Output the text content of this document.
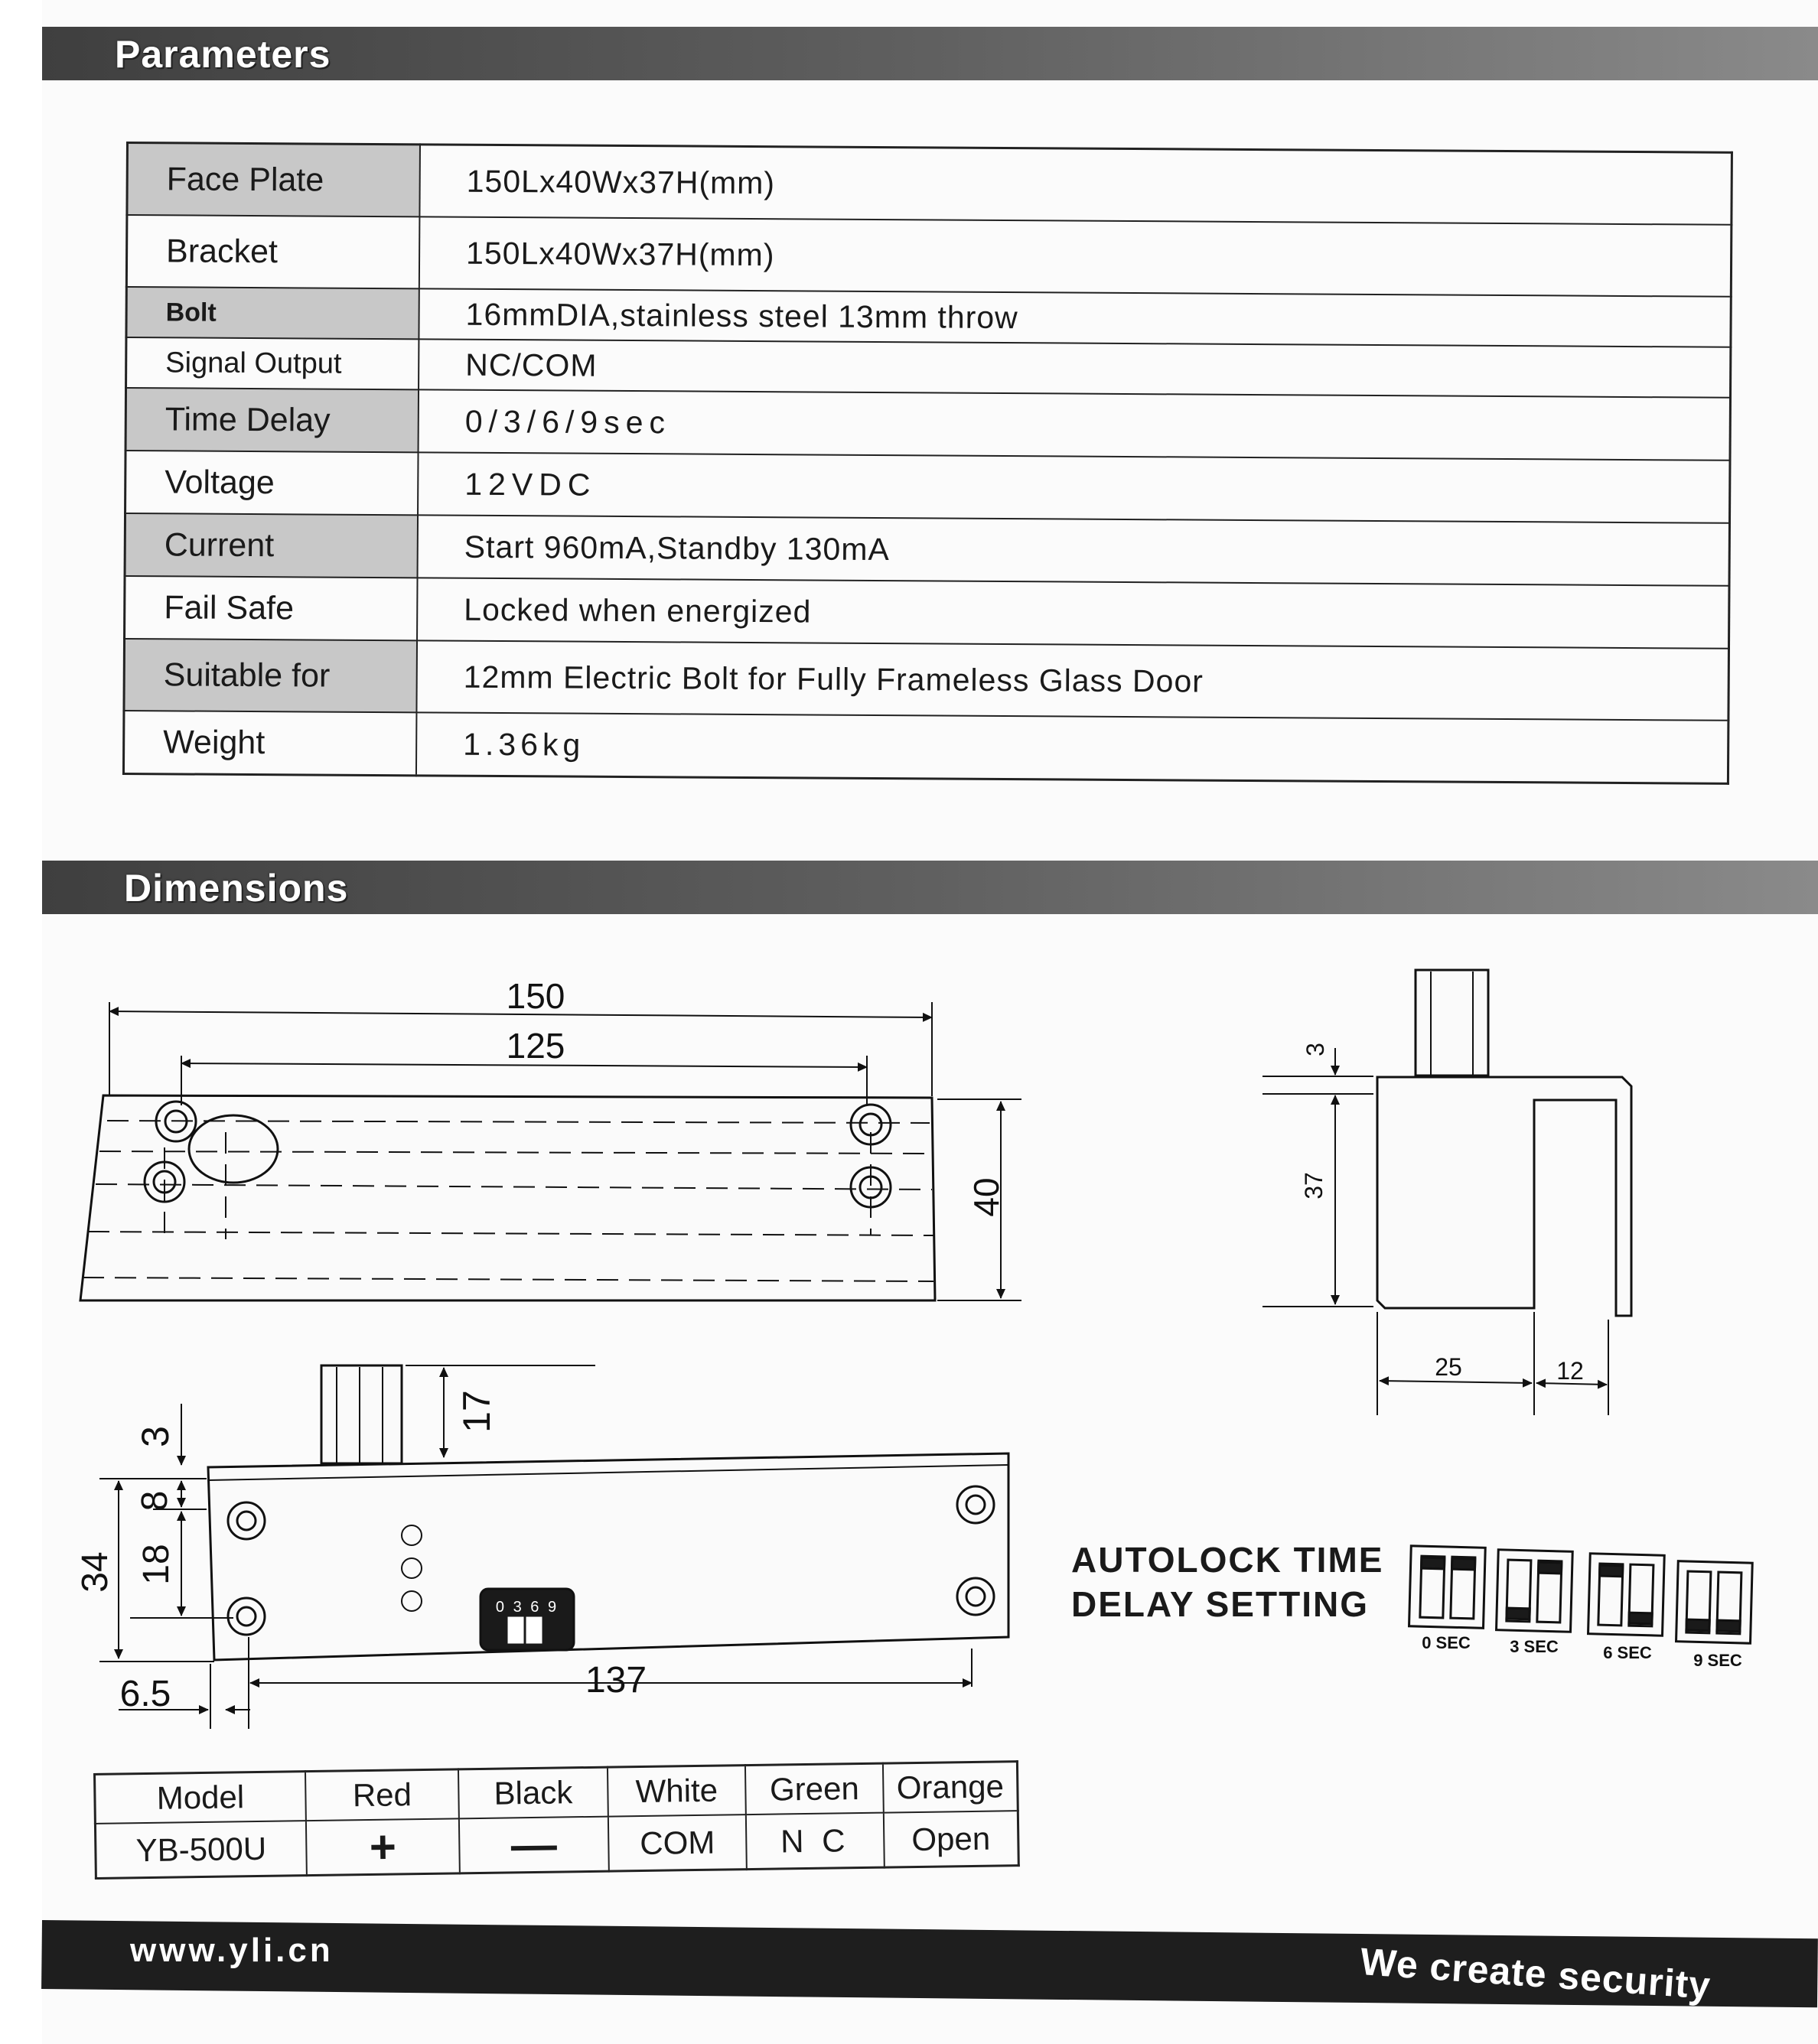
Parameters
Face Plate	150Lx40Wx37H(mm)
Bracket	150Lx40Wx37H(mm)
Bolt	16mmDIA,stainless steel 13mm throw
Signal Output	NC/COM
Time Delay	0/3/6/9sec
Voltage	12VDC
Current	Start 960mA,Standby 130mA
Fail Safe	Locked when energized
Suitable for	12mm Electric Bolt for Fully Frameless Glass Door
Weight	1.36kg
Dimensions
150
125
40
3
37
25	12
0 3 6 9
17
3
8
18
34
6.5	137
0 SEC 3 SEC	6 SEC 9 SEC
AUTOLOCK TIME
DELAY SETTING
Model	Red	Black	White	Green	Orange
YB-500U	+	—	COM	N C	Open
www.yli.cn	We create security
